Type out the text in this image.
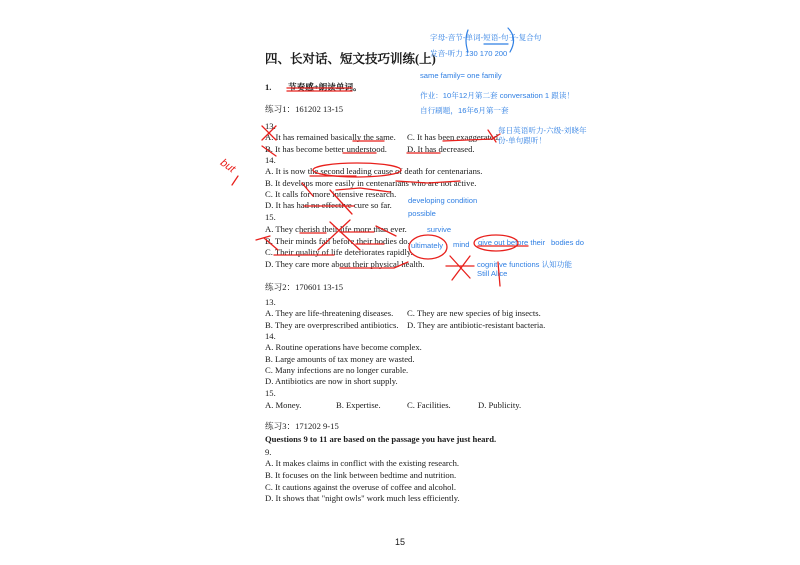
四、长对话、短文技巧训练(上)
1. 节奏感+朗读单词。
练习1：161202 13-15
13.
A. It has remained basically the same. C. It has been exaggerated.
B. It has become better understood. D. It has decreased.
14.
A. It is now the second leading cause of death for centenarians.
B. It develops more easily in centenarians who are not active.
C. It calls for more intensive research.
D. It has had no effective cure so far.
15.
A. They cherish their life more than ever.
B. Their minds fail before their bodies do.
C. Their quality of life deteriorates rapidly.
D. They care more about their physical health.
练习2：170601 13-15
13.
A. They are life-threatening diseases. C. They are new species of big insects.
B. They are overprescribed antibiotics. D. They are antibiotic-resistant bacteria.
14.
A. Routine operations have become complex.
B. Large amounts of tax money are wasted.
C. Many infections are no longer curable.
D. Antibiotics are now in short supply.
15.
A. Money.	B. Expertise.	C. Facilities.	D. Publicity.
练习3：171202 9-15
Questions 9 to 11 are based on the passage you have just heard.
9.
A. It makes claims in conflict with the existing research.
B. It focuses on the link between bedtime and nutrition.
C. It cautions against the overuse of coffee and alcohol.
D. It shows that "night owls" work much less efficiently.
15
字母-音节-单词-短语-句子-复合句
发音-听力 130 170 200
same family= one family
作业：10年12月第二套 conversation 1 跟读！
自行刷题，16年6月第一套
每日英语听力-六级-刘晓年
份-单句跟听！
developing condition
possible
survive
ultimately mind give out before their bodies do
cognitive functions 认知功能
Still Alice
but
